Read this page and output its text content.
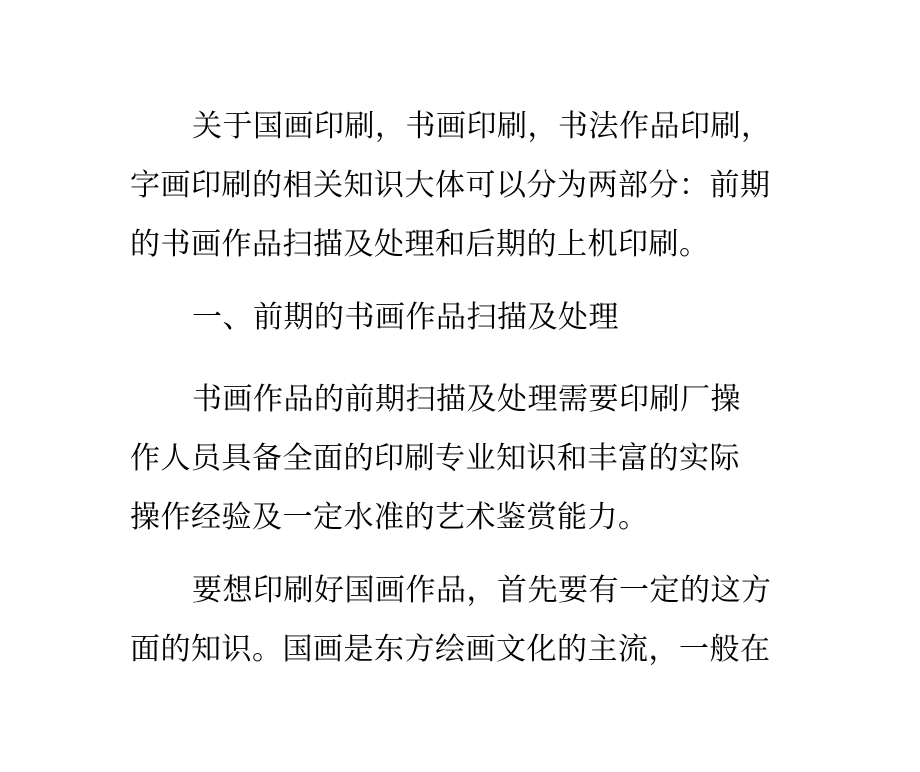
关于国画印刷，书画印刷，书法作品印刷，
字画印刷的相关知识大体可以分为两部分：前期
的书画作品扫描及处理和后期的上机印刷。
一、前期的书画作品扫描及处理
书画作品的前期扫描及处理需要印刷厂操
作人员具备全面的印刷专业知识和丰富的实际
操作经验及一定水准的艺术鉴赏能力。
要想印刷好国画作品，首先要有一定的这方
面的知识。国画是东方绘画文化的主流，一般在
